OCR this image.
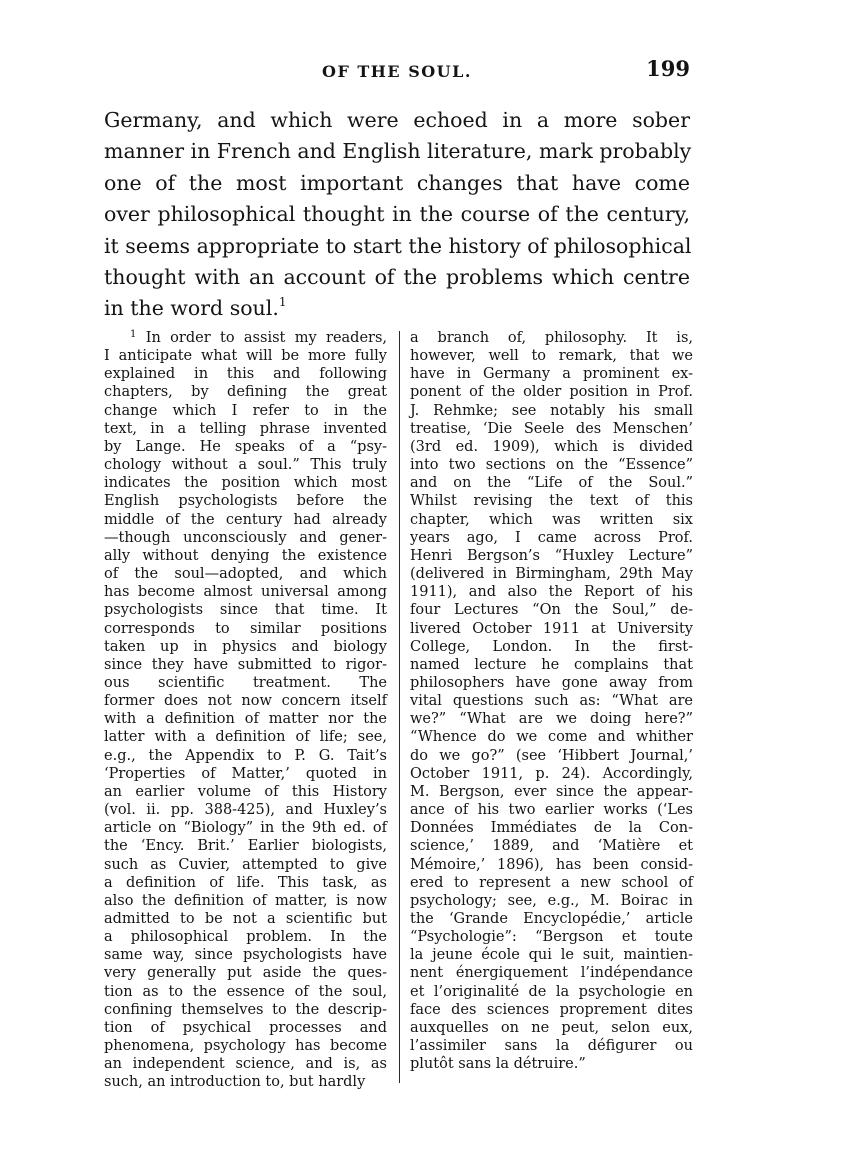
OF THE SOUL.	199
Germany, and which were echoed in a more sober
manner in French and English literature, mark probably
one of the most important changes that have come
over philosophical thought in the course of the century,
it seems appropriate to start the history of philosophical
thought with an account of the problems which centre
in the word soul.$^1$
$^1$ In order to assist my readers,
I anticipate what will be more fully
explained in this and following
chapters, by defining the great
change which I refer to in the
text, in a telling phrase invented
by Lange. He speaks of a “psy-
chology without a soul.” This truly
indicates the position which most
English psychologists before the
middle of the century had already
—though unconsciously and gener-
ally without denying the existence
of the soul—adopted, and which
has become almost universal among
psychologists since that time. It
corresponds to similar positions
taken up in physics and biology
since they have submitted to rigor-
ous scientific treatment. The
former does not now concern itself
with a definition of matter nor the
latter with a definition of life; see,
e.g., the Appendix to P. G. Tait’s
‘Properties of Matter,’ quoted in
an earlier volume of this History
(vol. ii. pp. 388-425), and Huxley’s
article on “Biology” in the 9th ed. of
the ‘Ency. Brit.’ Earlier biologists,
such as Cuvier, attempted to give
a definition of life. This task, as
also the definition of matter, is now
admitted to be not a scientific but
a philosophical problem. In the
same way, since psychologists have
very generally put aside the ques-
tion as to the essence of the soul,
confining themselves to the descrip-
tion of psychical processes and
phenomena, psychology has become
an independent science, and is, as
such, an introduction to, but hardly
a branch of, philosophy. It is,
however, well to remark, that we
have in Germany a prominent ex-
ponent of the older position in Prof.
J. Rehmke; see notably his small
treatise, ‘Die Seele des Menschen’
(3rd ed. 1909), which is divided
into two sections on the “Essence”
and on the “Life of the Soul.”
Whilst revising the text of this
chapter, which was written six
years ago, I came across Prof.
Henri Bergson’s “Huxley Lecture”
(delivered in Birmingham, 29th May
1911), and also the Report of his
four Lectures “On the Soul,” de-
livered October 1911 at University
College, London. In the first-
named lecture he complains that
philosophers have gone away from
vital questions such as: “What are
we?” “What are we doing here?”
“Whence do we come and whither
do we go?” (see ‘Hibbert Journal,’
October 1911, p. 24). Accordingly,
M. Bergson, ever since the appear-
ance of his two earlier works (‘Les
Données Immédiates de la Con-
science,’ 1889, and ‘Matière et
Mémoire,’ 1896), has been consid-
ered to represent a new school of
psychology; see, e.g., M. Boirac in
the ‘Grande Encyclopédie,’ article
“Psychologie”: “Bergson et toute
la jeune école qui le suit, maintien-
nent énergiquement l’indépendance
et l’originalité de la psychologie en
face des sciences proprement dites
auxquelles on ne peut, selon eux,
l’assimiler sans la défigurer ou
plutôt sans la détruire.”
